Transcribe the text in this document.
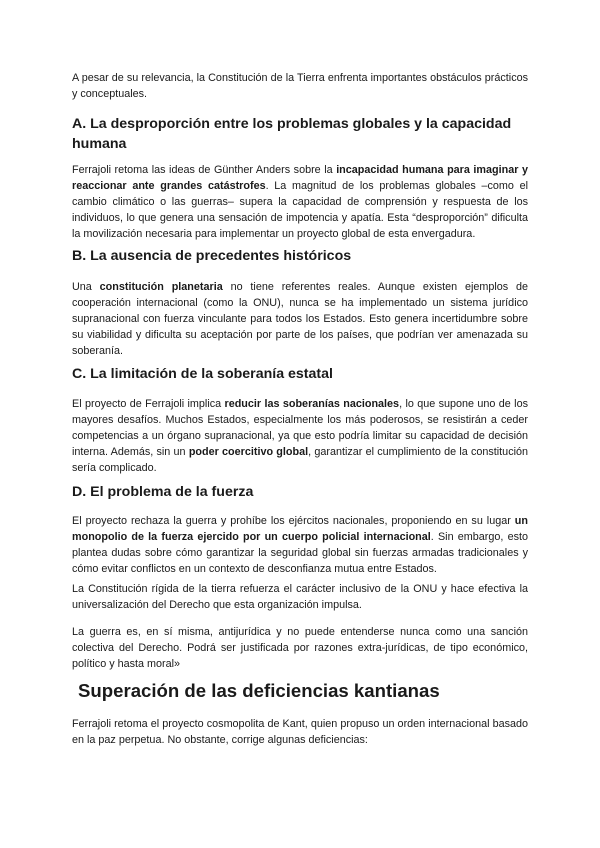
A pesar de su relevancia, la Constitución de la Tierra enfrenta importantes obstáculos prácticos y conceptuales.

A. La desproporción entre los problemas globales y la capacidad humana

Ferrajoli retoma las ideas de Günther Anders sobre la incapacidad humana para imaginar y reaccionar ante grandes catástrofes. La magnitud de los problemas globales –como el cambio climático o las guerras– supera la capacidad de comprensión y respuesta de los individuos, lo que genera una sensación de impotencia y apatía. Esta “desproporción” dificulta la movilización necesaria para implementar un proyecto global de esta envergadura.

B. La ausencia de precedentes históricos

Una constitución planetaria no tiene referentes reales. Aunque existen ejemplos de cooperación internacional (como la ONU), nunca se ha implementado un sistema jurídico supranacional con fuerza vinculante para todos los Estados. Esto genera incertidumbre sobre su viabilidad y dificulta su aceptación por parte de los países, que podrían ver amenazada su soberanía.

C. La limitación de la soberanía estatal

El proyecto de Ferrajoli implica reducir las soberanías nacionales, lo que supone uno de los mayores desafíos. Muchos Estados, especialmente los más poderosos, se resistirán a ceder competencias a un órgano supranacional, ya que esto podría limitar su capacidad de decisión interna. Además, sin un poder coercitivo global, garantizar el cumplimiento de la constitución sería complicado.

D. El problema de la fuerza

El proyecto rechaza la guerra y prohíbe los ejércitos nacionales, proponiendo en su lugar un monopolio de la fuerza ejercido por un cuerpo policial internacional. Sin embargo, esto plantea dudas sobre cómo garantizar la seguridad global sin fuerzas armadas tradicionales y cómo evitar conflictos en un contexto de desconfianza mutua entre Estados.

La Constitución rígida de la tierra refuerza el carácter inclusivo de la ONU y hace efectiva la universalización del Derecho que esta organización impulsa.

La guerra es, en sí misma, antijurídica y no puede entenderse nunca como una sanción colectiva del Derecho. Podrá ser justificada por razones extra-jurídicas, de tipo económico, político y hasta moral»

Superación de las deficiencias kantianas

Ferrajoli retoma el proyecto cosmopolita de Kant, quien propuso un orden internacional basado en la paz perpetua. No obstante, corrige algunas deficiencias:
